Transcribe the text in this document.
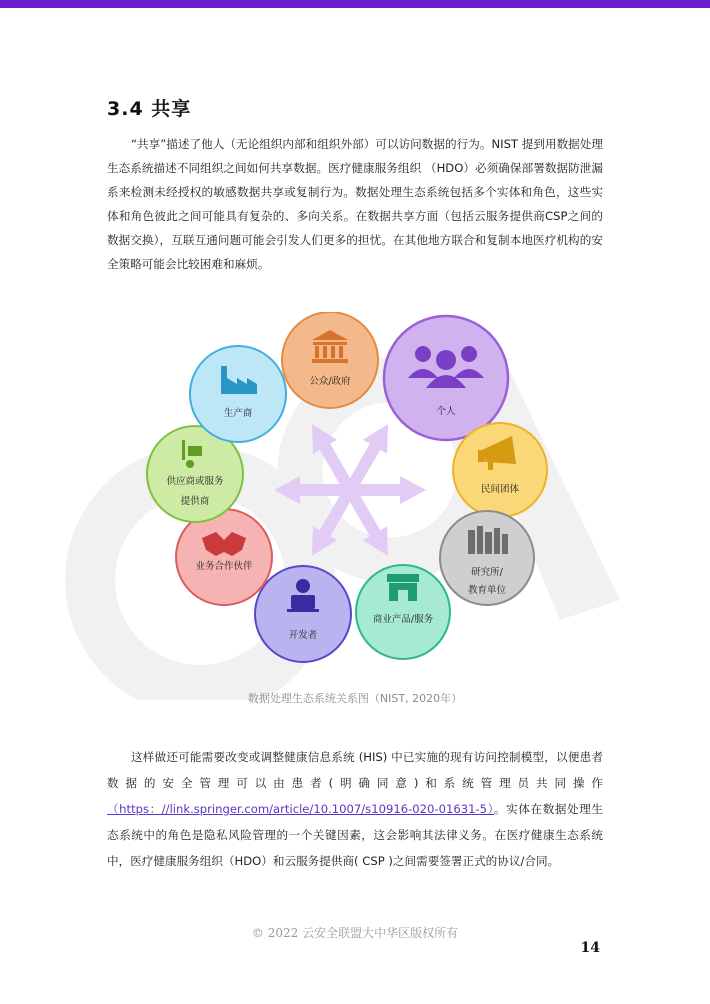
3.4 共享

“共享”描述了他人（无论组织内部和组织外部）可以访问数据的行为。NIST 提到用数据处理生态系统描述不同组织之间如何共享数据。医疗健康服务组织 （HDO）必须确保部署数据防泄漏系来检测未经授权的敏感数据共享或复制行为。数据处理生态系统包括多个实体和角色，这些实体和角色彼此之间可能具有复杂的、多向关系。在数据共享方面（包括云服务提供商CSP之间的数据交换），互联互通问题可能会引发人们更多的担忧。在其他地方联合和复制本地医疗机构的安全策略可能会比较困难和麻烦。

公众/政府
个人
民间团体
研究所/
教育单位
商业产品/服务
开发者
业务合作伙伴
供应商或服务
提供商
生产商
数据处理生态系统关系图（NIST, 2020年）

这样做还可能需要改变或调整健康信息系统 (HIS) 中已实施的现有访问控制模型，以便患者数据的安全管理可以由患者(明确同意)和系统管理员共同操作（https：//link.springer.com/article/10.1007/s10916-020-01631-5）。实体在数据处理生态系统中的角色是隐私风险管理的一个关键因素，这会影响其法律义务。在医疗健康生态系统中，医疗健康服务组织（HDO）和云服务提供商( CSP )之间需要签署正式的协议/合同。

© 2022 云安全联盟大中华区版权所有
14
